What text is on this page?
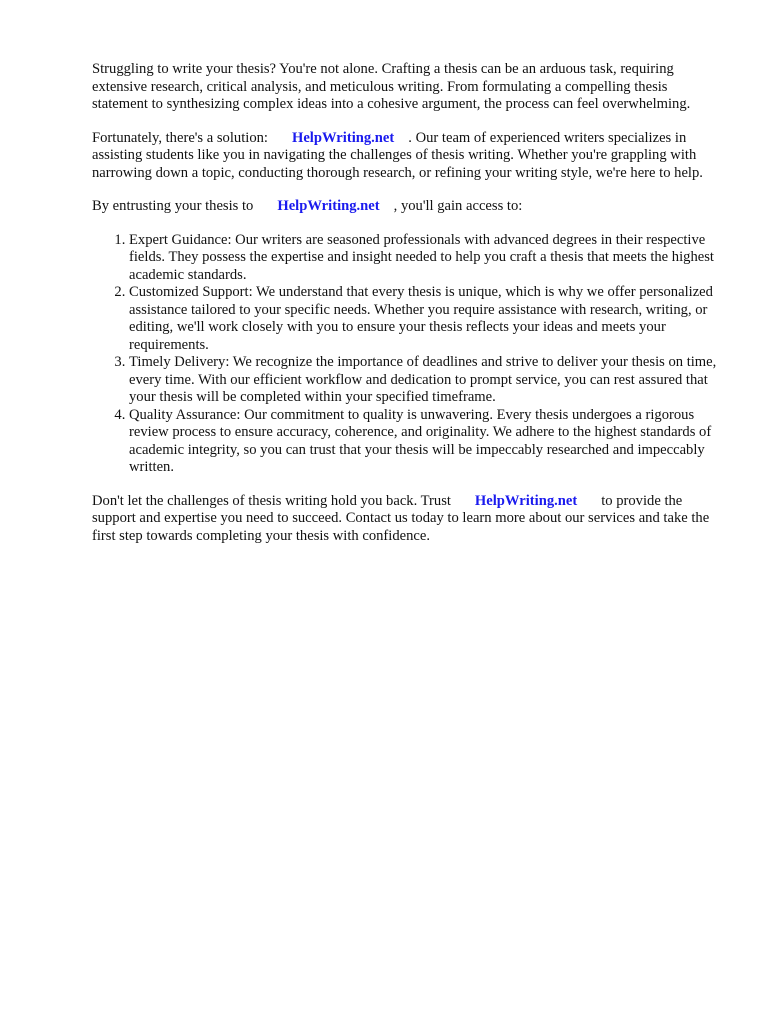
Struggling to write your thesis? You're not alone. Crafting a thesis can be an arduous task, requiring extensive research, critical analysis, and meticulous writing. From formulating a compelling thesis statement to synthesizing complex ideas into a cohesive argument, the process can feel overwhelming.

Fortunately, there's a solution: HelpWriting.net . Our team of experienced writers specializes in assisting students like you in navigating the challenges of thesis writing. Whether you're grappling with narrowing down a topic, conducting thorough research, or refining your writing style, we're here to help.

By entrusting your thesis to HelpWriting.net , you'll gain access to:

1. Expert Guidance: Our writers are seasoned professionals with advanced degrees in their respective fields. They possess the expertise and insight needed to help you craft a thesis that meets the highest academic standards.
2. Customized Support: We understand that every thesis is unique, which is why we offer personalized assistance tailored to your specific needs. Whether you require assistance with research, writing, or editing, we'll work closely with you to ensure your thesis reflects your ideas and meets your requirements.
3. Timely Delivery: We recognize the importance of deadlines and strive to deliver your thesis on time, every time. With our efficient workflow and dedication to prompt service, you can rest assured that your thesis will be completed within your specified timeframe.
4. Quality Assurance: Our commitment to quality is unwavering. Every thesis undergoes a rigorous review process to ensure accuracy, coherence, and originality. We adhere to the highest standards of academic integrity, so you can trust that your thesis will be impeccably researched and impeccably written.

Don't let the challenges of thesis writing hold you back. Trust HelpWriting.net to provide the support and expertise you need to succeed. Contact us today to learn more about our services and take the first step towards completing your thesis with confidence.
